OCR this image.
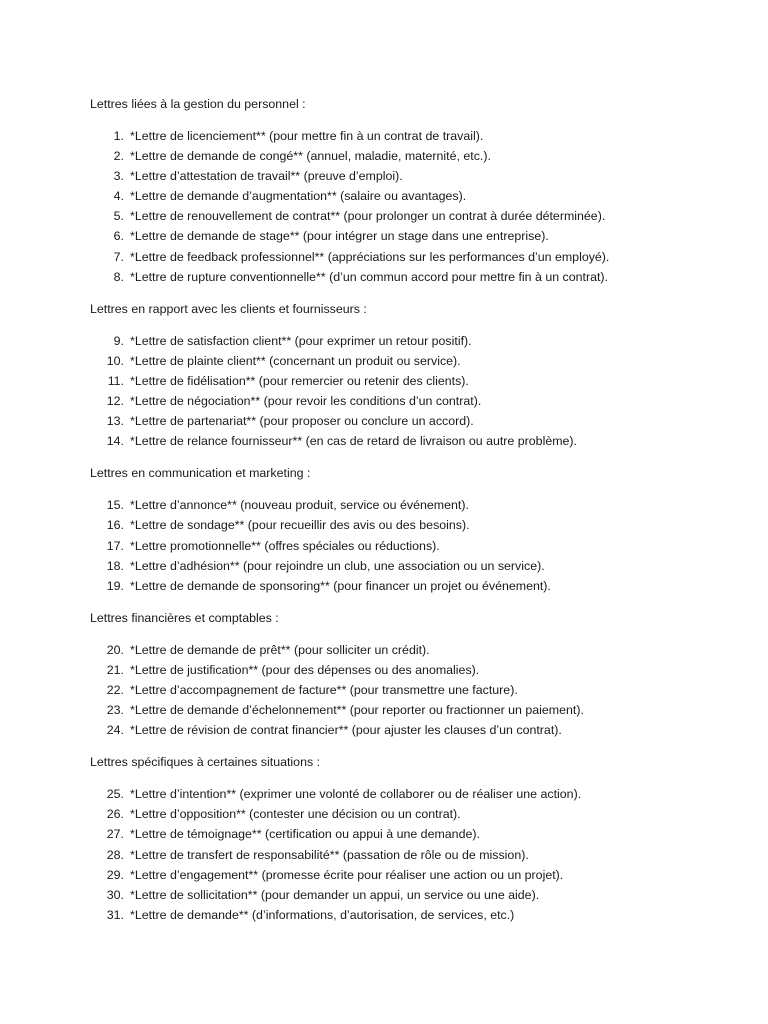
Lettres liées à la gestion du personnel :

1. *Lettre de licenciement** (pour mettre fin à un contrat de travail).
2. *Lettre de demande de congé** (annuel, maladie, maternité, etc.).
3. *Lettre d’attestation de travail** (preuve d’emploi).
4. *Lettre de demande d’augmentation** (salaire ou avantages).
5. *Lettre de renouvellement de contrat** (pour prolonger un contrat à durée déterminée).
6. *Lettre de demande de stage** (pour intégrer un stage dans une entreprise).
7. *Lettre de feedback professionnel** (appréciations sur les performances d’un employé).
8. *Lettre de rupture conventionnelle** (d’un commun accord pour mettre fin à un contrat).

Lettres en rapport avec les clients et fournisseurs :

9. *Lettre de satisfaction client** (pour exprimer un retour positif).
10. *Lettre de plainte client** (concernant un produit ou service).
11. *Lettre de fidélisation** (pour remercier ou retenir des clients).
12. *Lettre de négociation** (pour revoir les conditions d’un contrat).
13. *Lettre de partenariat** (pour proposer ou conclure un accord).
14. *Lettre de relance fournisseur** (en cas de retard de livraison ou autre problème).

Lettres en communication et marketing :

15. *Lettre d’annonce** (nouveau produit, service ou événement).
16. *Lettre de sondage** (pour recueillir des avis ou des besoins).
17. *Lettre promotionnelle** (offres spéciales ou réductions).
18. *Lettre d’adhésion** (pour rejoindre un club, une association ou un service).
19. *Lettre de demande de sponsoring** (pour financer un projet ou événement).

Lettres financières et comptables :

20. *Lettre de demande de prêt** (pour solliciter un crédit).
21. *Lettre de justification** (pour des dépenses ou des anomalies).
22. *Lettre d’accompagnement de facture** (pour transmettre une facture).
23. *Lettre de demande d’échelonnement** (pour reporter ou fractionner un paiement).
24. *Lettre de révision de contrat financier** (pour ajuster les clauses d’un contrat).

Lettres spécifiques à certaines situations :

25. *Lettre d’intention** (exprimer une volonté de collaborer ou de réaliser une action).
26. *Lettre d’opposition** (contester une décision ou un contrat).
27. *Lettre de témoignage** (certification ou appui à une demande).
28. *Lettre de transfert de responsabilité** (passation de rôle ou de mission).
29. *Lettre d’engagement** (promesse écrite pour réaliser une action ou un projet).
30. *Lettre de sollicitation** (pour demander un appui, un service ou une aide).
31. *Lettre de demande** (d’informations, d’autorisation, de services, etc.)
